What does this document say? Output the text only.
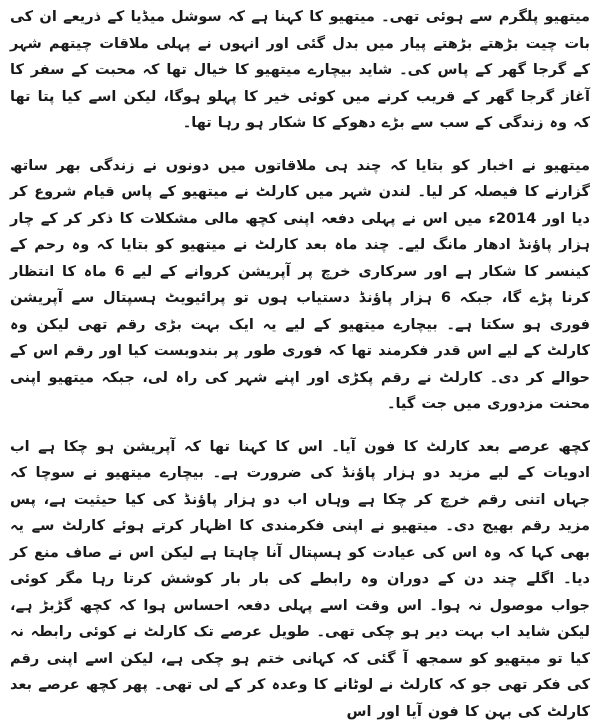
میتھیو پلگرم سے ہوئی تھی۔ میتھیو کا کہنا ہے کہ سوشل میڈیا کے ذریعے ان کی بات چیت بڑھتے بڑھتے پیار میں بدل گئی اور انہوں نے پہلی ملاقات چیتھم شہر کے گرجا گھر کے پاس کی۔ شاید بیچارے میتھیو کا خیال تھا کہ محبت کے سفر کا آغاز گرجا گھر کے قریب کرنے میں کوئی خیر کا پہلو ہوگا، لیکن اسے کیا پتا تھا کہ وہ زندگی کے سب سے بڑے دھوکے کا شکار ہو رہا تھا۔

میتھیو نے اخبار کو بتایا کہ چند ہی ملاقاتوں میں دونوں نے زندگی بھر ساتھ گزارنے کا فیصلہ کر لیا۔ لندن شہر میں کارلٹ نے میتھیو کے پاس قیام شروع کر دیا اور 2014ء میں اس نے پہلی دفعہ اپنی کچھ مالی مشکلات کا ذکر کر کے چار ہزار پاؤنڈ ادھار مانگ لیے۔ چند ماہ بعد کارلٹ نے میتھیو کو بتایا کہ وہ رحم کے کینسر کا شکار ہے اور سرکاری خرچ پر آپریشن کروانے کے لیے 6 ماہ کا انتظار کرنا پڑے گا، جبکہ 6 ہزار پاؤنڈ دستیاب ہوں تو پرائیویٹ ہسپتال سے آپریشن فوری ہو سکتا ہے۔ بیچارے میتھیو کے لیے یہ ایک بہت بڑی رقم تھی لیکن وہ کارلٹ کے لیے اس قدر فکرمند تھا کہ فوری طور پر بندوبست کیا اور رقم اس کے حوالے کر دی۔ کارلٹ نے رقم پکڑی اور اپنے شہر کی راہ لی، جبکہ میتھیو اپنی محنت مزدوری میں جت گیا۔

کچھ عرصے بعد کارلٹ کا فون آیا۔ اس کا کہنا تھا کہ آپریشن ہو چکا ہے اب ادویات کے لیے مزید دو ہزار پاؤنڈ کی ضرورت ہے۔ بیچارے میتھیو نے سوچا کہ جہاں اتنی رقم خرچ کر چکا ہے وہاں اب دو ہزار پاؤنڈ کی کیا حیثیت ہے، پس مزید رقم بھیج دی۔ میتھیو نے اپنی فکرمندی کا اظہار کرتے ہوئے کارلٹ سے یہ بھی کہا کہ وہ اس کی عیادت کو ہسپتال آنا چاہتا ہے لیکن اس نے صاف منع کر دیا۔ اگلے چند دن کے دوران وہ رابطے کی بار بار کوشش کرتا رہا مگر کوئی جواب موصول نہ ہوا۔ اس وقت اسے پہلی دفعہ احساس ہوا کہ کچھ گڑبڑ ہے، لیکن شاید اب بہت دیر ہو چکی تھی۔ طویل عرصے تک کارلٹ نے کوئی رابطہ نہ کیا تو میتھیو کو سمجھ آ گئی کہ کہانی ختم ہو چکی ہے، لیکن اسے اپنی رقم کی فکر تھی جو کہ کارلٹ نے لوٹانے کا وعدہ کر کے لی تھی۔ پھر کچھ عرصے بعد کارلٹ کی بہن کا فون آیا اور اس
